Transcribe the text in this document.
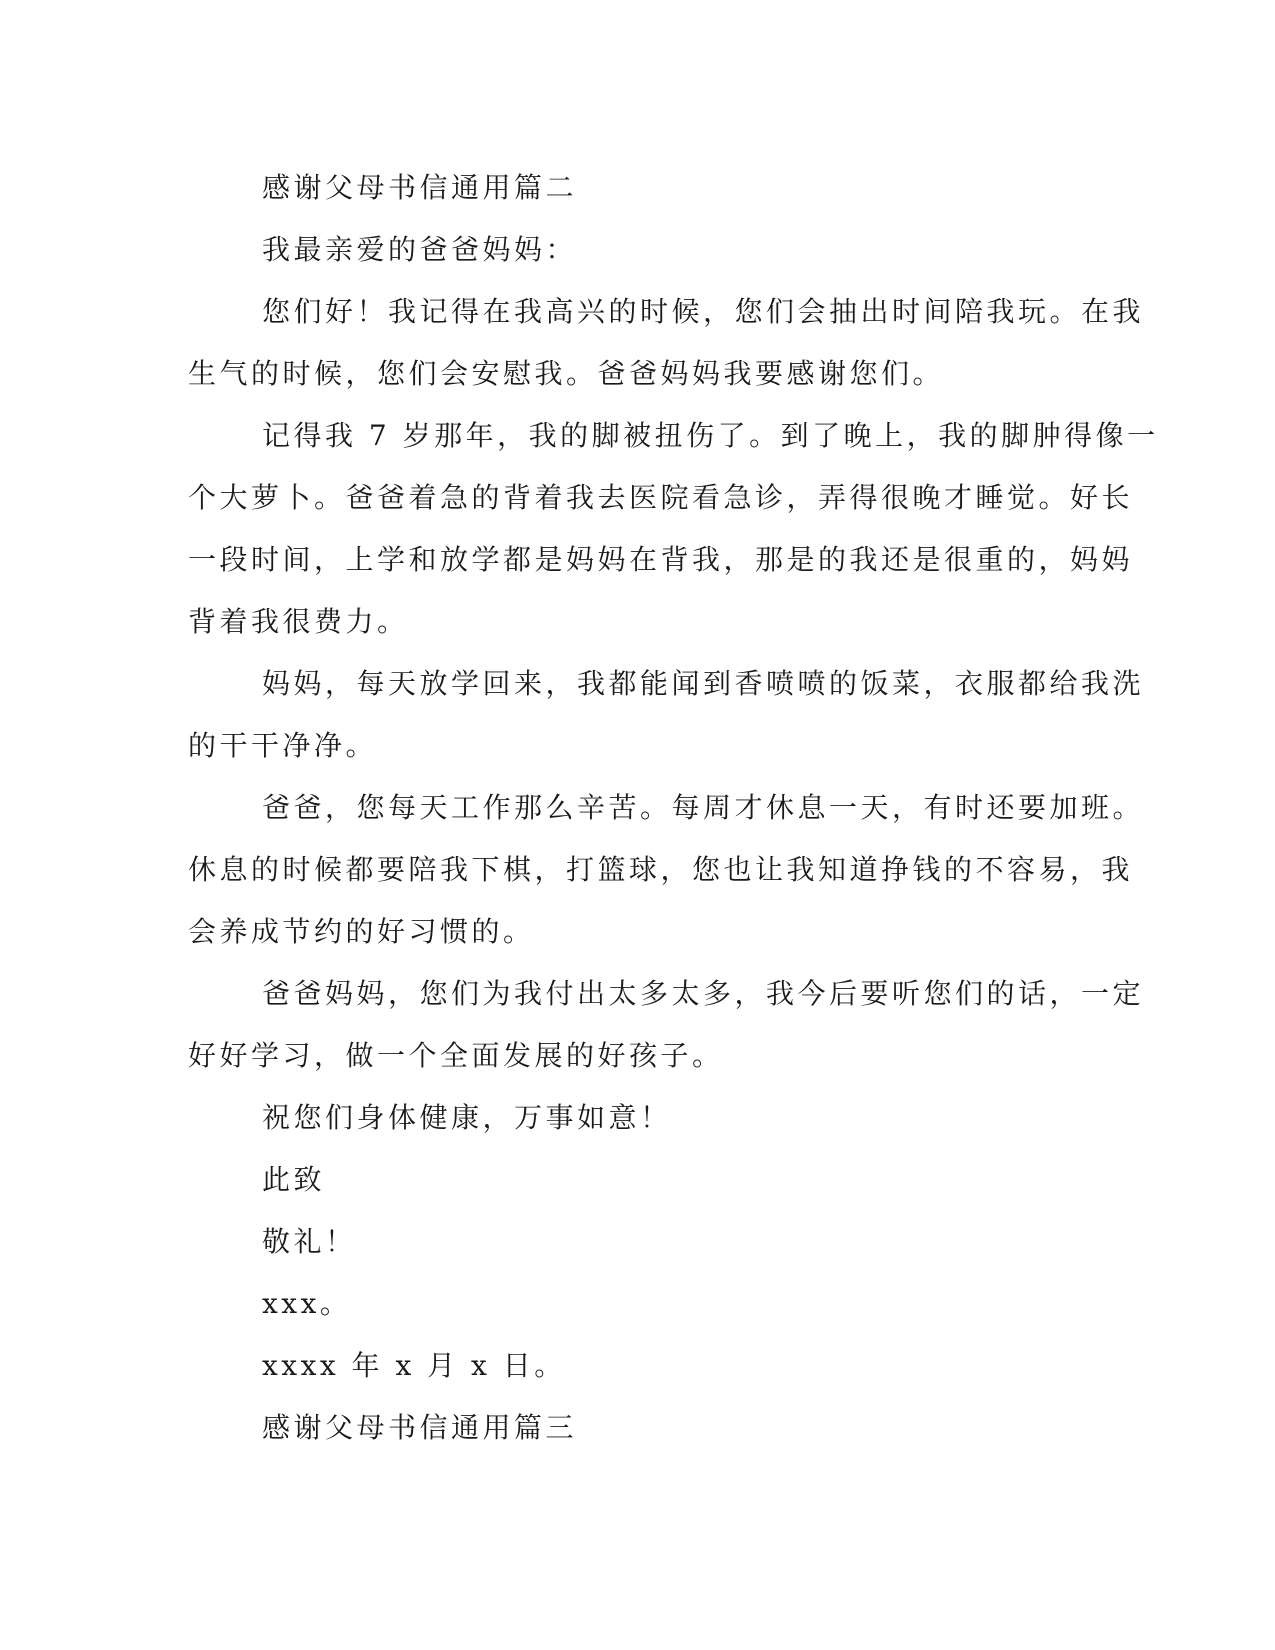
感谢父母书信通用篇二
我最亲爱的爸爸妈妈：
您们好！我记得在我高兴的时候，您们会抽出时间陪我玩。在我
生气的时候，您们会安慰我。爸爸妈妈我要感谢您们。
记得我 7 岁那年，我的脚被扭伤了。到了晚上，我的脚肿得像一
个大萝卜。爸爸着急的背着我去医院看急诊，弄得很晚才睡觉。好长
一段时间，上学和放学都是妈妈在背我，那是的我还是很重的，妈妈
背着我很费力。
妈妈，每天放学回来，我都能闻到香喷喷的饭菜，衣服都给我洗
的干干净净。
爸爸，您每天工作那么辛苦。每周才休息一天，有时还要加班。
休息的时候都要陪我下棋，打篮球，您也让我知道挣钱的不容易，我
会养成节约的好习惯的。
爸爸妈妈，您们为我付出太多太多，我今后要听您们的话，一定
好好学习，做一个全面发展的好孩子。
祝您们身体健康，万事如意！
此致
敬礼！
xxx。
xxxx 年 x 月 x 日。
感谢父母书信通用篇三
